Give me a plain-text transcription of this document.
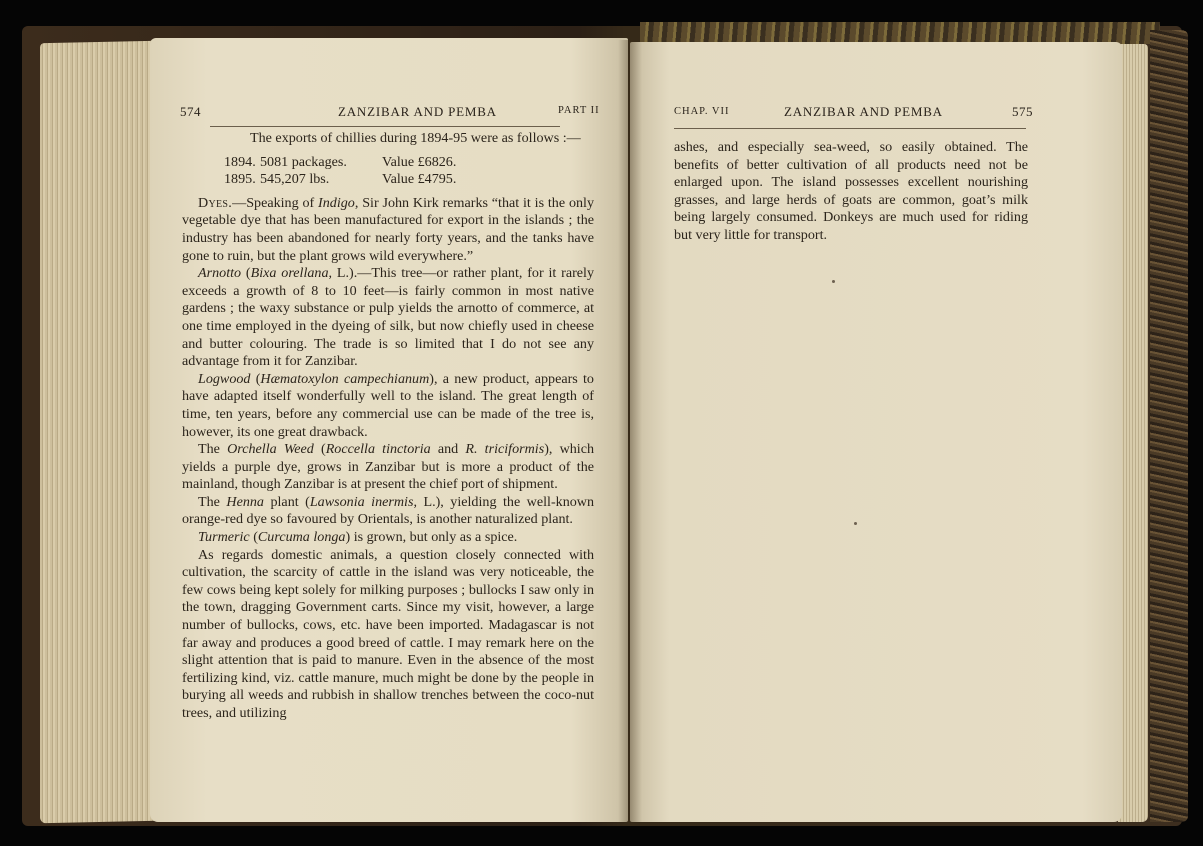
574	ZANZIBAR AND PEMBA	PART II

The exports of chillies during 1894-95 were as follows :—

1894. 5081 packages.	Value £6826.
1895. 545,207 lbs.	Value £4795.

Dyes.—Speaking of Indigo, Sir John Kirk remarks “that it is the only vegetable dye that has been manufactured for export in the islands ; the industry has been abandoned for nearly forty years, and the tanks have gone to ruin, but the plant grows wild everywhere.”

Arnotto (Bixa orellana, L.).—This tree—or rather plant, for it rarely exceeds a growth of 8 to 10 feet—is fairly common in most native gardens ; the waxy substance or pulp yields the arnotto of commerce, at one time employed in the dyeing of silk, but now chiefly used in cheese and butter colouring. The trade is so limited that I do not see any advantage from it for Zanzibar.

Logwood (Hæmatoxylon campechianum), a new product, appears to have adapted itself wonderfully well to the island. The great length of time, ten years, before any commercial use can be made of the tree is, however, its one great drawback.

The Orchella Weed (Roccella tinctoria and R. triciformis), which yields a purple dye, grows in Zanzibar but is more a product of the mainland, though Zanzibar is at present the chief port of shipment.

The Henna plant (Lawsonia inermis, L.), yielding the well-known orange-red dye so favoured by Orientals, is another naturalized plant.

Turmeric (Curcuma longa) is grown, but only as a spice.

As regards domestic animals, a question closely connected with cultivation, the scarcity of cattle in the island was very noticeable, the few cows being kept solely for milking purposes ; bullocks I saw only in the town, dragging Government carts. Since my visit, however, a large number of bullocks, cows, etc. have been imported. Madagascar is not far away and produces a good breed of cattle. I may remark here on the slight attention that is paid to manure. Even in the absence of the most fertilizing kind, viz. cattle manure, much might be done by the people in burying all weeds and rubbish in shallow trenches between the coco-nut trees, and utilizing

CHAP. VII	ZANZIBAR AND PEMBA	575

ashes, and especially sea-weed, so easily obtained. The benefits of better cultivation of all products need not be enlarged upon. The island possesses excellent nourishing grasses, and large herds of goats are common, goat’s milk being largely consumed. Donkeys are much used for riding but very little for transport.
